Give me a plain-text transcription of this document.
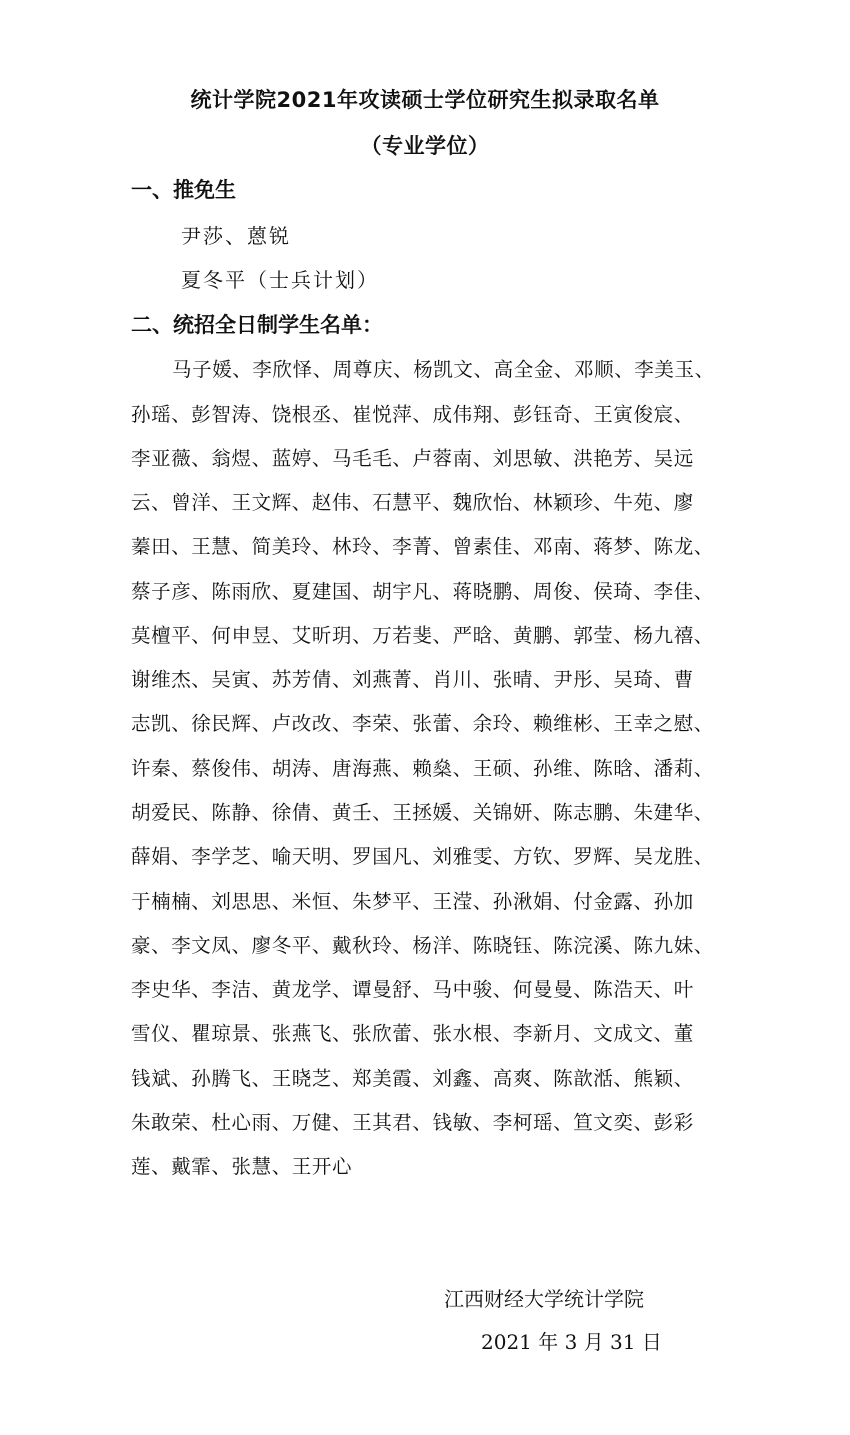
统计学院2021年攻读硕士学位研究生拟录取名单
（专业学位）
一、推免生
尹莎、蒽锐
夏冬平（士兵计划）
二、统招全日制学生名单：
马子媛、李欣怿、周尊庆、杨凯文、高全金、邓顺、李美玉、
孙瑶、彭智涛、饶根丞、崔悦萍、成伟翔、彭钰奇、王寅俊宸、
李亚薇、翁煜、蓝婷、马毛毛、卢蓉南、刘思敏、洪艳芳、吴远
云、曾洋、王文辉、赵伟、石慧平、魏欣怡、林颖珍、牛苑、廖
蓁田、王慧、简美玲、林玲、李菁、曾素佳、邓南、蒋梦、陈龙、
蔡子彦、陈雨欣、夏建国、胡宇凡、蒋晓鹏、周俊、侯琦、李佳、
莫檀平、何申昱、艾昕玥、万若斐、严晗、黄鹏、郭莹、杨九禧、
谢维杰、吴寅、苏芳倩、刘燕菁、肖川、张晴、尹彤、吴琦、曹
志凯、徐民辉、卢改改、李荣、张蕾、余玲、赖维彬、王幸之慰、
许秦、蔡俊伟、胡涛、唐海燕、赖燊、王硕、孙维、陈晗、潘莉、
胡爱民、陈静、徐倩、黄壬、王拯媛、关锦妍、陈志鹏、朱建华、
薛娟、李学芝、喻天明、罗国凡、刘雅雯、方钦、罗辉、吴龙胜、
于楠楠、刘思思、米恒、朱梦平、王滢、孙湫娟、付金露、孙加
豪、李文凤、廖冬平、戴秋玲、杨洋、陈晓钰、陈浣溪、陈九妹、
李史华、李洁、黄龙学、谭曼舒、马中骏、何曼曼、陈浩天、叶
雪仪、瞿琼景、张燕飞、张欣蕾、张水根、李新月、文成文、董
钱斌、孙腾飞、王晓芝、郑美霞、刘鑫、高爽、陈歆湉、熊颖、
朱敢荣、杜心雨、万健、王其君、钱敏、李柯瑶、笪文奕、彭彩
莲、戴霏、张慧、王开心
江西财经大学统计学院
2021 年 3 月 31 日
